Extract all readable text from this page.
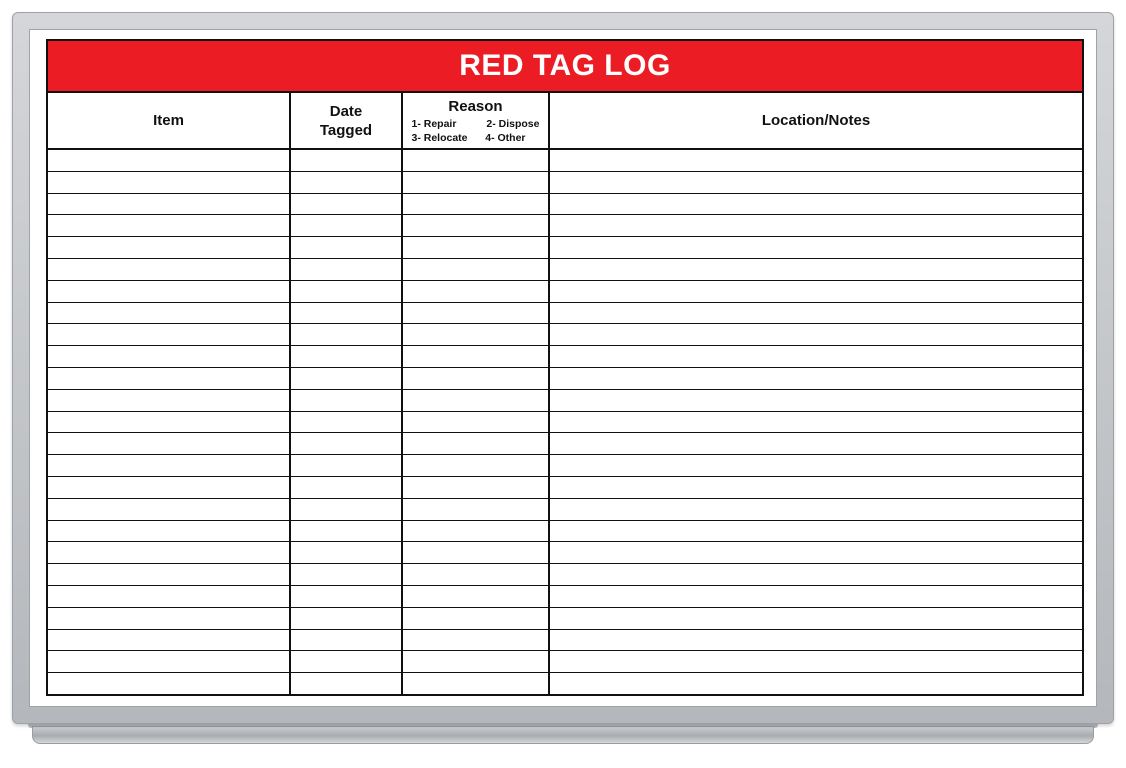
RED TAG LOG
Item
Date
Tagged
Reason
1- Repair	2- Dispose
3- Relocate 4- Other
Location/Notes
